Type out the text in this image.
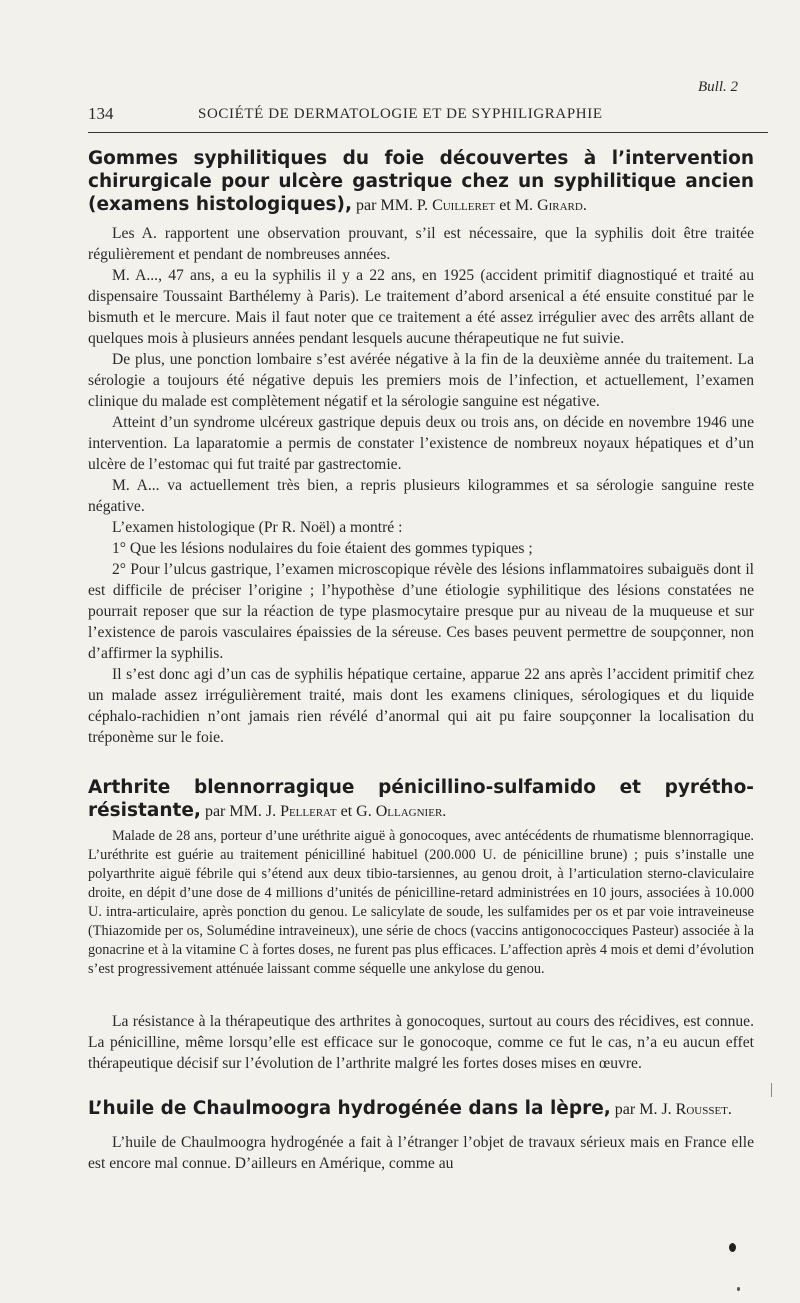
Bull. 2
134	SOCIÉTÉ DE DERMATOLOGIE ET DE SYPHILIGRAPHIE

Gommes syphilitiques du foie découvertes à l’intervention chirurgicale pour ulcère gastrique chez un syphilitique ancien (examens histologiques), par MM. P. Cuilleret et M. Girard.

Les A. rapportent une observation prouvant, s’il est nécessaire, que la syphilis doit être traitée régulièrement et pendant de nombreuses années.

M. A..., 47 ans, a eu la syphilis il y a 22 ans, en 1925 (accident primitif diagnostiqué et traité au dispensaire Toussaint Barthélemy à Paris). Le traitement d’abord arsenical a été ensuite constitué par le bismuth et le mercure. Mais il faut noter que ce traitement a été assez irrégulier avec des arrêts allant de quelques mois à plusieurs années pendant lesquels aucune thérapeutique ne fut suivie.

De plus, une ponction lombaire s’est avérée négative à la fin de la deuxième année du traitement. La sérologie a toujours été négative depuis les premiers mois de l’infection, et actuellement, l’examen clinique du malade est complètement négatif et la sérologie sanguine est négative.

Atteint d’un syndrome ulcéreux gastrique depuis deux ou trois ans, on décide en novembre 1946 une intervention. La laparatomie a permis de constater l’existence de nombreux noyaux hépatiques et d’un ulcère de l’estomac qui fut traité par gastrectomie.

M. A... va actuellement très bien, a repris plusieurs kilogrammes et sa sérologie sanguine reste négative.

L’examen histologique (Pr R. Noël) a montré :

1° Que les lésions nodulaires du foie étaient des gommes typiques ;

2° Pour l’ulcus gastrique, l’examen microscopique révèle des lésions inflammatoires subaiguës dont il est difficile de préciser l’origine ; l’hypothèse d’une étiologie syphilitique des lésions constatées ne pourrait reposer que sur la réaction de type plasmocytaire presque pur au niveau de la muqueuse et sur l’existence de parois vasculaires épaissies de la séreuse. Ces bases peuvent permettre de soupçonner, non d’affirmer la syphilis.

Il s’est donc agi d’un cas de syphilis hépatique certaine, apparue 22 ans après l’accident primitif chez un malade assez irrégulièrement traité, mais dont les examens cliniques, sérologiques et du liquide céphalo-rachidien n’ont jamais rien révélé d’anormal qui ait pu faire soupçonner la localisation du tréponème sur le foie.

Arthrite blennorragique pénicillino-sulfamido et pyrétho-résistante, par MM. J. Pellerat et G. Ollagnier.

Malade de 28 ans, porteur d’une uréthrite aiguë à gonocoques, avec antécédents de rhumatisme blennorragique. L’uréthrite est guérie au traitement pénicilliné habituel (200.000 U. de pénicilline brune) ; puis s’installe une polyarthrite aiguë fébrile qui s’étend aux deux tibio-tarsiennes, au genou droit, à l’articulation sterno-claviculaire droite, en dépit d’une dose de 4 millions d’unités de pénicilline-retard administrées en 10 jours, associées à 10.000 U. intra-articulaire, après ponction du genou. Le salicylate de soude, les sulfamides per os et par voie intraveineuse (Thiazomide per os, Solumédine intraveineux), une série de chocs (vaccins antigonococciques Pasteur) associée à la gonacrine et à la vitamine C à fortes doses, ne furent pas plus efficaces. L’affection après 4 mois et demi d’évolution s’est progressivement atténuée laissant comme séquelle une ankylose du genou.

La résistance à la thérapeutique des arthrites à gonocoques, surtout au cours des récidives, est connue. La pénicilline, même lorsqu’elle est efficace sur le gonocoque, comme ce fut le cas, n’a eu aucun effet thérapeutique décisif sur l’évolution de l’arthrite malgré les fortes doses mises en œuvre.

L’huile de Chaulmoogra hydrogénée dans la lèpre, par M. J. Rousset.

L’huile de Chaulmoogra hydrogénée a fait à l’étranger l’objet de travaux sérieux mais en France elle est encore mal connue. D’ailleurs en Amérique, comme au
